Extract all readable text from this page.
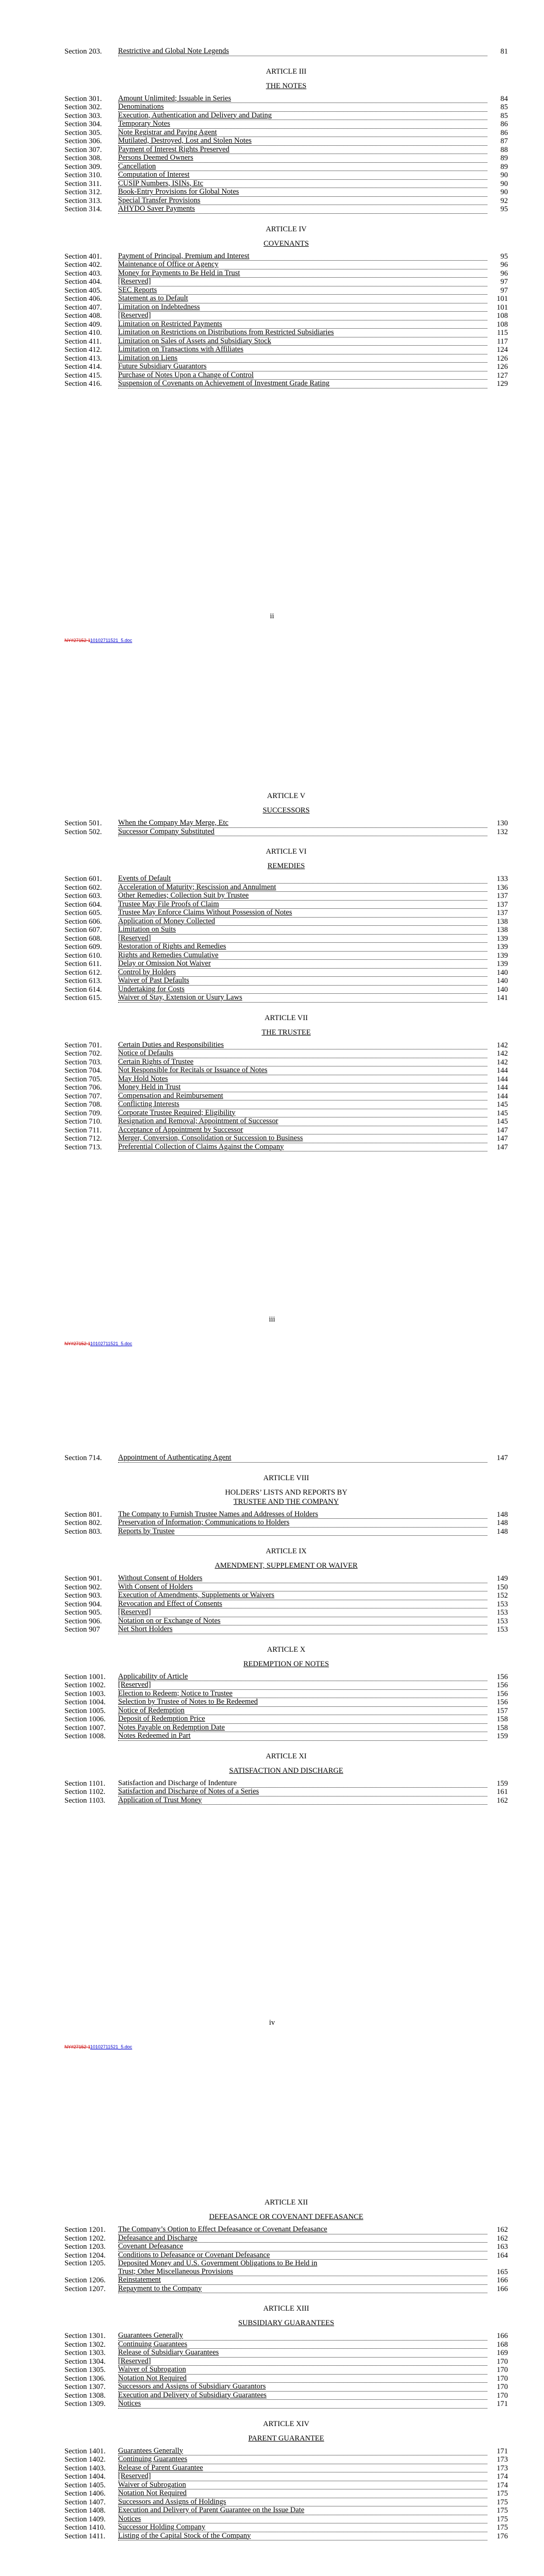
Section 203.	Restrictive and Global Note Legends	81
ARTICLE III
THE NOTES
Section 301.	Amount Unlimited; Issuable in Series	84
Section 302.	Denominations	85
Section 303.	Execution, Authentication and Delivery and Dating	85
Section 304.	Temporary Notes	86
Section 305.	Note Registrar and Paying Agent	86
Section 306.	Mutilated, Destroyed, Lost and Stolen Notes	87
Section 307.	Payment of Interest Rights Preserved	88
Section 308.	Persons Deemed Owners	89
Section 309.	Cancellation	89
Section 310.	Computation of Interest	90
Section 311.	CUSIP Numbers, ISINs, Etc	90
Section 312.	Book-Entry Provisions for Global Notes	90
Section 313.	Special Transfer Provisions	92
Section 314.	AHYDO Saver Payments	95
ARTICLE IV
COVENANTS
Section 401.	Payment of Principal, Premium and Interest	95
Section 402.	Maintenance of Office or Agency	96
Section 403.	Money for Payments to Be Held in Trust	96
Section 404.	[Reserved]	97
Section 405.	SEC Reports	97
Section 406.	Statement as to Default	101
Section 407.	Limitation on Indebtedness	101
Section 408.	[Reserved]	108
Section 409.	Limitation on Restricted Payments	108
Section 410.	Limitation on Restrictions on Distributions from Restricted Subsidiaries	115
Section 411.	Limitation on Sales of Assets and Subsidiary Stock	117
Section 412.	Limitation on Transactions with Affiliates	124
Section 413.	Limitation on Liens	126
Section 414.	Future Subsidiary Guarantors	126
Section 415.	Purchase of Notes Upon a Change of Control	127
Section 416.	Suspension of Covenants on Achievement of Investment Grade Rating	129
ii
NY#27152-110102711521_5.doc
ARTICLE V
SUCCESSORS
Section 501.	When the Company May Merge, Etc	130
Section 502.	Successor Company Substituted	132
ARTICLE VI
REMEDIES
Section 601.	Events of Default	133
Section 602.	Acceleration of Maturity; Rescission and Annulment	136
Section 603.	Other Remedies; Collection Suit by Trustee	137
Section 604.	Trustee May File Proofs of Claim	137
Section 605.	Trustee May Enforce Claims Without Possession of Notes	137
Section 606.	Application of Money Collected	138
Section 607.	Limitation on Suits	138
Section 608.	[Reserved]	139
Section 609.	Restoration of Rights and Remedies	139
Section 610.	Rights and Remedies Cumulative	139
Section 611.	Delay or Omission Not Waiver	139
Section 612.	Control by Holders	140
Section 613.	Waiver of Past Defaults	140
Section 614.	Undertaking for Costs	140
Section 615.	Waiver of Stay, Extension or Usury Laws	141
ARTICLE VII
THE TRUSTEE
Section 701.	Certain Duties and Responsibilities	142
Section 702.	Notice of Defaults	142
Section 703.	Certain Rights of Trustee	142
Section 704.	Not Responsible for Recitals or Issuance of Notes	144
Section 705.	May Hold Notes	144
Section 706.	Money Held in Trust	144
Section 707.	Compensation and Reimbursement	144
Section 708.	Conflicting Interests	145
Section 709.	Corporate Trustee Required; Eligibility	145
Section 710.	Resignation and Removal; Appointment of Successor	145
Section 711.	Acceptance of Appointment by Successor	147
Section 712.	Merger, Conversion, Consolidation or Succession to Business	147
Section 713.	Preferential Collection of Claims Against the Company	147
iii
NY#27152-110102711521_5.doc
Section 714.	Appointment of Authenticating Agent	147
ARTICLE VIII
HOLDERS’ LISTS AND REPORTS BY
TRUSTEE AND THE COMPANY
Section 801.	The Company to Furnish Trustee Names and Addresses of Holders	148
Section 802.	Preservation of Information; Communications to Holders	148
Section 803.	Reports by Trustee	148
ARTICLE IX
AMENDMENT, SUPPLEMENT OR WAIVER
Section 901.	Without Consent of Holders	149
Section 902.	With Consent of Holders	150
Section 903.	Execution of Amendments, Supplements or Waivers	152
Section 904.	Revocation and Effect of Consents	153
Section 905.	[Reserved]	153
Section 906.	Notation on or Exchange of Notes	153
Section 907	Net Short Holders	153
ARTICLE X
REDEMPTION OF NOTES
Section 1001.	Applicability of Article	156
Section 1002.	[Reserved]	156
Section 1003.	Election to Redeem; Notice to Trustee	156
Section 1004.	Selection by Trustee of Notes to Be Redeemed	156
Section 1005.	Notice of Redemption	157
Section 1006.	Deposit of Redemption Price	158
Section 1007.	Notes Payable on Redemption Date	158
Section 1008.	Notes Redeemed in Part	159
ARTICLE XI
SATISFACTION AND DISCHARGE
Section 1101.	Satisfaction and Discharge of Indenture	159
Section 1102.	Satisfaction and Discharge of Notes of a Series	161
Section 1103.	Application of Trust Money	162
iv
NY#27152-110102711521_5.doc
ARTICLE XII
DEFEASANCE OR COVENANT DEFEASANCE
Section 1201.	The Company’s Option to Effect Defeasance or Covenant Defeasance	162
Section 1202.	Defeasance and Discharge	162
Section 1203.	Covenant Defeasance	163
Section 1204.	Conditions to Defeasance or Covenant Defeasance	164
Section 1205.	Deposited Money and U.S. Government Obligations to Be Held in
Trust; Other Miscellaneous Provisions	165
Section 1206.	Reinstatement	166
Section 1207.	Repayment to the Company	166
ARTICLE XIII
SUBSIDIARY GUARANTEES
Section 1301.	Guarantees Generally	166
Section 1302.	Continuing Guarantees	168
Section 1303.	Release of Subsidiary Guarantees	169
Section 1304.	[Reserved]	170
Section 1305.	Waiver of Subrogation	170
Section 1306.	Notation Not Required	170
Section 1307.	Successors and Assigns of Subsidiary Guarantors	170
Section 1308.	Execution and Delivery of Subsidiary Guarantees	170
Section 1309.	Notices	171
ARTICLE XIV
PARENT GUARANTEE
Section 1401.	Guarantees Generally	171
Section 1402.	Continuing Guarantees	173
Section 1403.	Release of Parent Guarantee	173
Section 1404.	[Reserved]	174
Section 1405.	Waiver of Subrogation	174
Section 1406.	Notation Not Required	175
Section 1407.	Successors and Assigns of Holdings	175
Section 1408.	Execution and Delivery of Parent Guarantee on the Issue Date	175
Section 1409.	Notices	175
Section 1410.	Successor Holding Company	175
Section 1411.	Listing of the Capital Stock of the Company	176
